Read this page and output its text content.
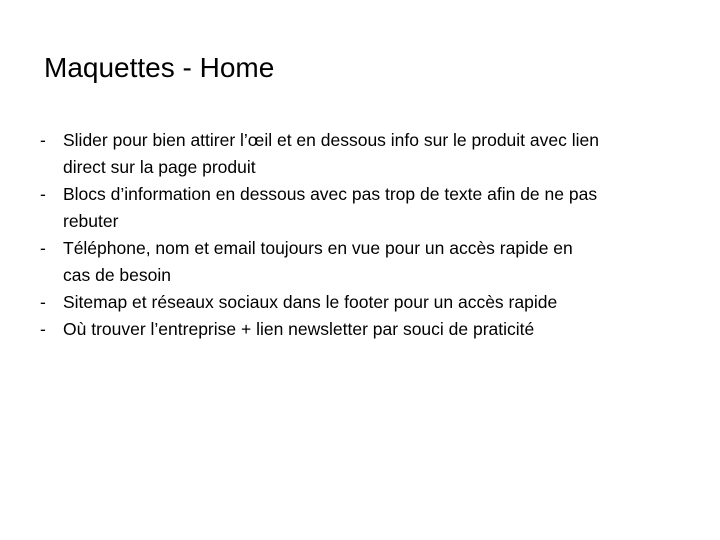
Maquettes - Home
- Slider pour bien attirer l’œil et en dessous info sur le produit avec lien
direct sur la page produit
- Blocs d’information en dessous avec pas trop de texte afin de ne pas
rebuter
- Téléphone, nom et email toujours en vue pour un accès rapide en
cas de besoin
- Sitemap et réseaux sociaux dans le footer pour un accès rapide
- Où trouver l’entreprise + lien newsletter par souci de praticité
